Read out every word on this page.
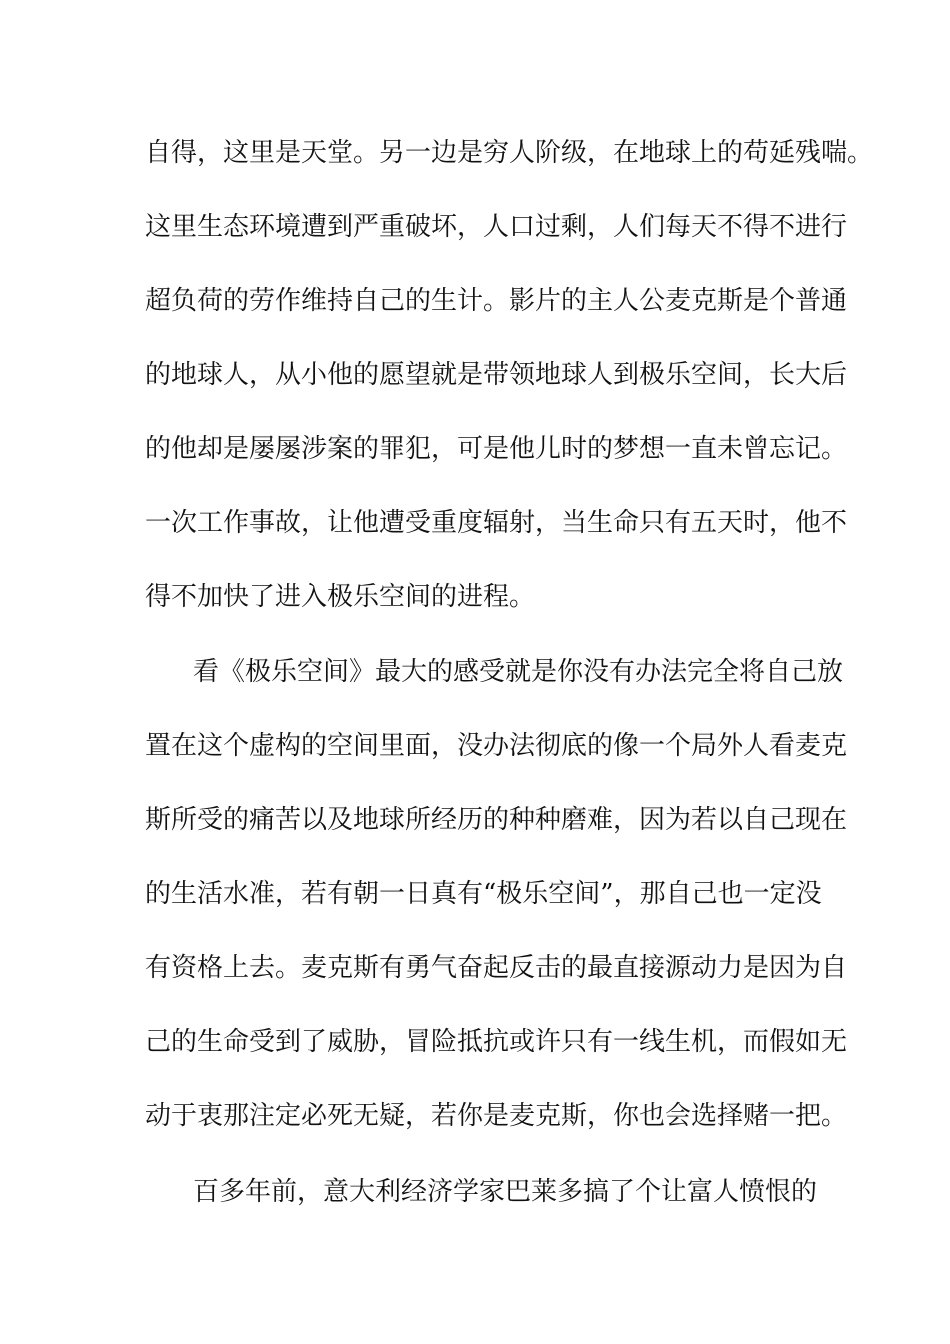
自得，这里是天堂。另一边是穷人阶级，在地球上的苟延残喘。
这里生态环境遭到严重破坏，人口过剩，人们每天不得不进行
超负荷的劳作维持自己的生计。影片的主人公麦克斯是个普通
的地球人，从小他的愿望就是带领地球人到极乐空间，长大后
的他却是屡屡涉案的罪犯，可是他儿时的梦想一直未曾忘记。
一次工作事故，让他遭受重度辐射，当生命只有五天时，他不
得不加快了进入极乐空间的进程。
看《极乐空间》最大的感受就是你没有办法完全将自己放
置在这个虚构的空间里面，没办法彻底的像一个局外人看麦克
斯所受的痛苦以及地球所经历的种种磨难，因为若以自己现在
的生活水准，若有朝一日真有“极乐空间”，那自己也一定没
有资格上去。麦克斯有勇气奋起反击的最直接源动力是因为自
己的生命受到了威胁，冒险抵抗或许只有一线生机，而假如无
动于衷那注定必死无疑，若你是麦克斯，你也会选择赌一把。
百多年前，意大利经济学家巴莱多搞了个让富人愤恨的
